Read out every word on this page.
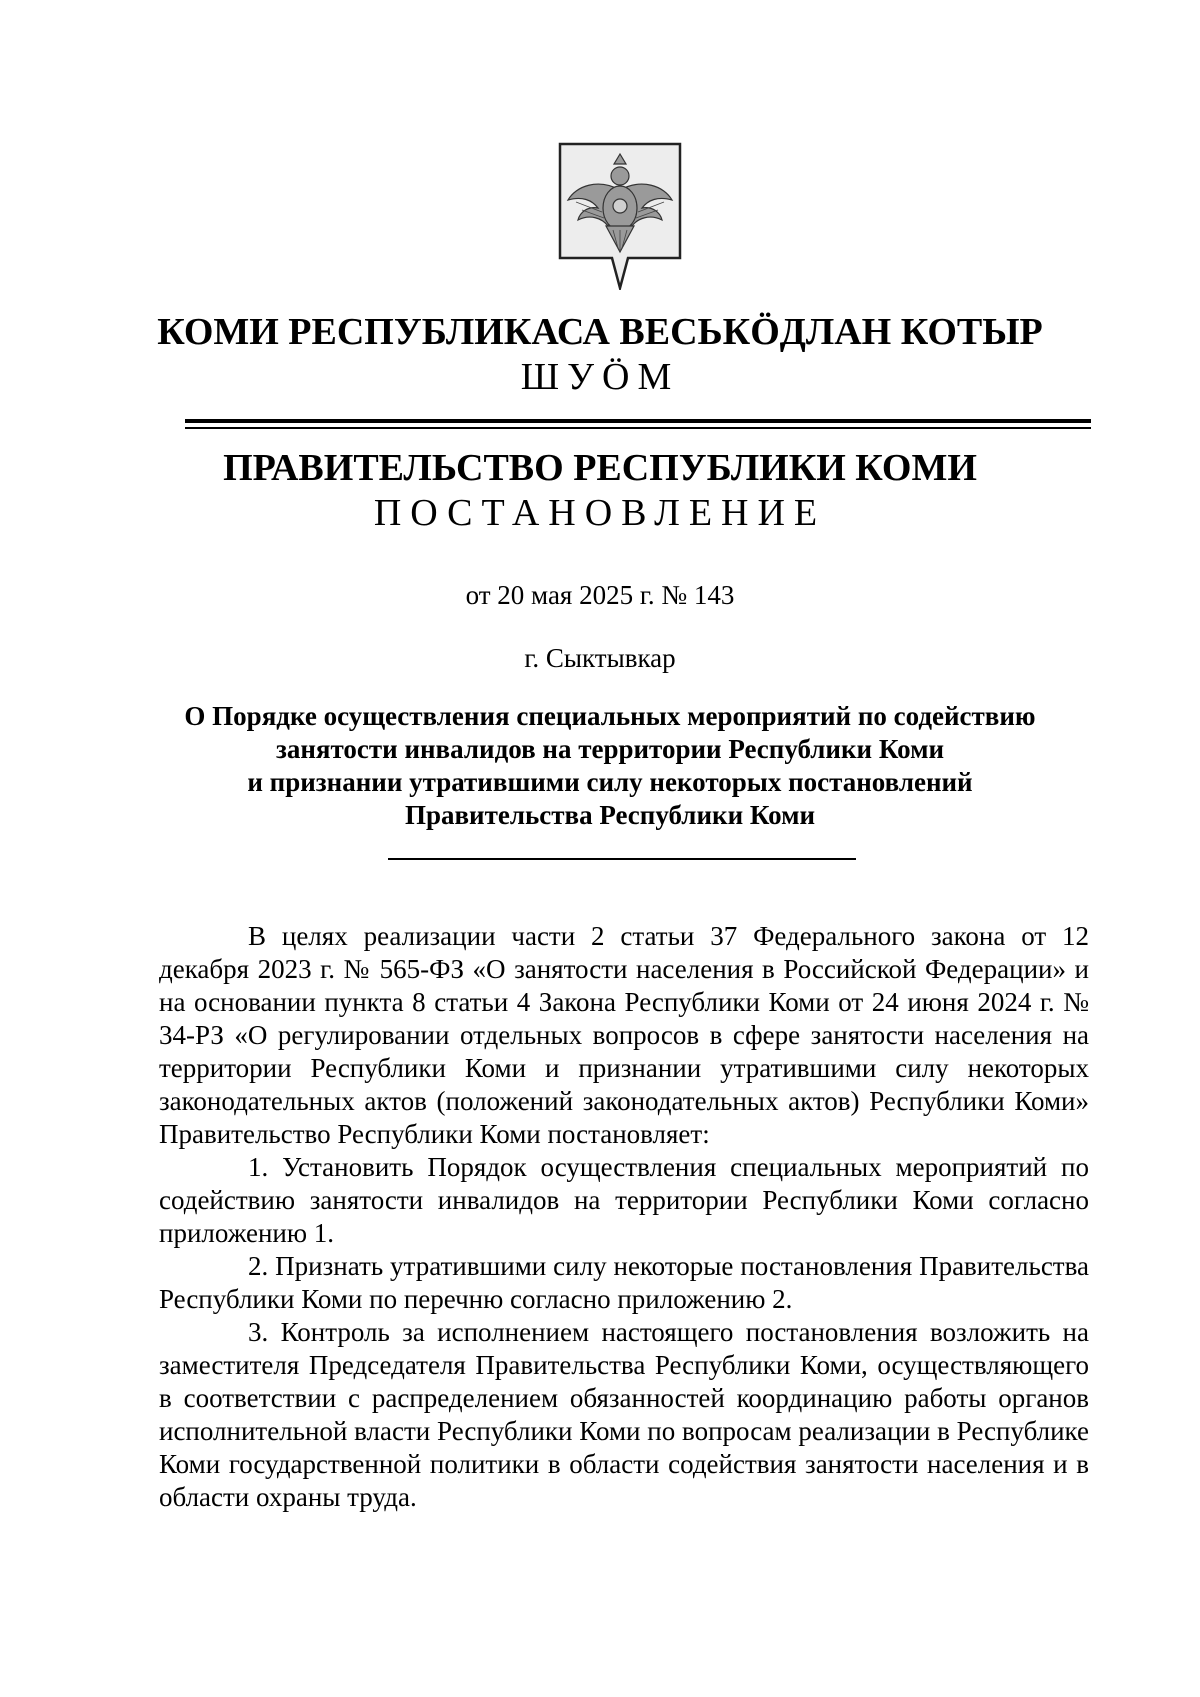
КОМИ РЕСПУБЛИКАСА ВЕСЬКӦДЛАН КОТЫР
ШУӦМ
ПРАВИТЕЛЬСТВО РЕСПУБЛИКИ КОМИ
ПОСТАНОВЛЕНИЕ
от 20 мая 2025 г. № 143
г. Сыктывкар
О Порядке осуществления специальных мероприятий по содействию
занятости инвалидов на территории Республики Коми
и признании утратившими силу некоторых постановлений
Правительства Республики Коми

В целях реализации части 2 статьи 37 Федерального закона от 12 декабря 2023 г. № 565-ФЗ «О занятости населения в Российской Федерации» и на основании пункта 8 статьи 4 Закона Республики Коми от 24 июня 2024 г. № 34-РЗ «О регулировании отдельных вопросов в сфере занятости населения на территории Республики Коми и признании утратившими силу некоторых законодательных актов (положений законодательных актов) Республики Коми» Правительство Республики Коми постановляет:

1. Установить Порядок осуществления специальных мероприятий по содействию занятости инвалидов на территории Республики Коми согласно приложению 1.

2. Признать утратившими силу некоторые постановления Правительства Республики Коми по перечню согласно приложению 2.

3. Контроль за исполнением настоящего постановления возложить на заместителя Председателя Правительства Республики Коми, осуществляющего в соответствии с распределением обязанностей координацию работы органов исполнительной власти Республики Коми по вопросам реализации в Республике Коми государственной политики в области содействия занятости населения и в области охраны труда.
